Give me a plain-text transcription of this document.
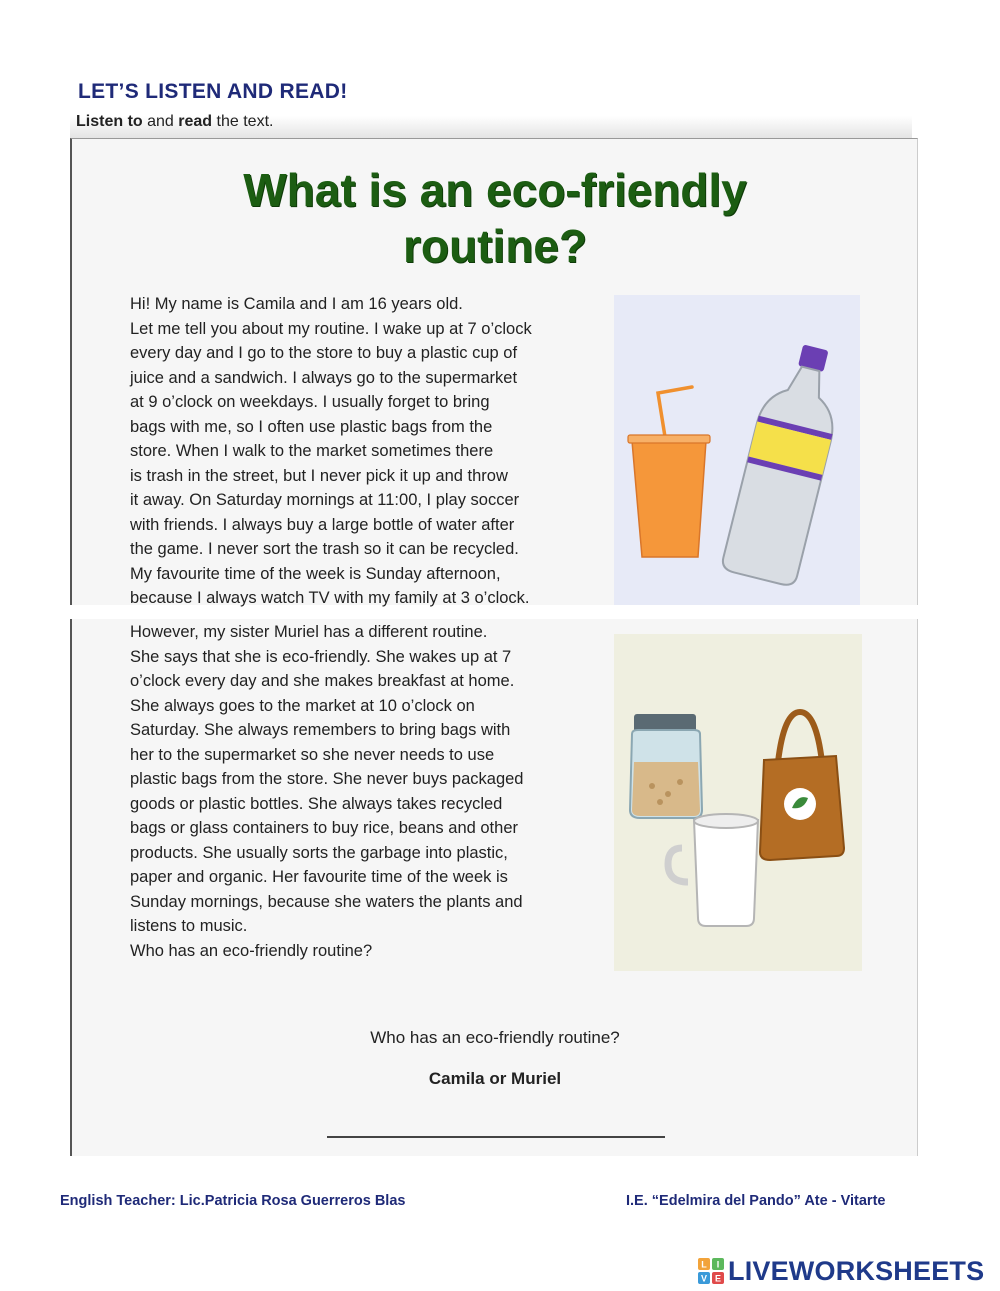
LET’S LISTEN AND READ!
Listen to and read the text.
What is an eco-friendly
routine?
Hi! My name is Camila and I am 16 years old.
Let me tell you about my routine. I wake up at 7 o’clock
every day and I go to the store to buy a plastic cup of
juice and a sandwich. I always go to the supermarket
at 9 o’clock on weekdays. I usually forget to bring
bags with me, so I often use plastic bags from the
store. When I walk to the market sometimes there
is trash in the street, but I never pick it up and throw
it away. On Saturday mornings at 11:00, I play soccer
with friends. I always buy a large bottle of water after
the game. I never sort the trash so it can be recycled.
My favourite time of the week is Sunday afternoon,
because I always watch TV with my family at 3 o’clock.
However, my sister Muriel has a different routine.
She says that she is eco-friendly. She wakes up at 7
o’clock every day and she makes breakfast at home.
She always goes to the market at 10 o’clock on
Saturday. She always remembers to bring bags with
her to the supermarket so she never needs to use
plastic bags from the store. She never buys packaged
goods or plastic bottles. She always takes recycled
bags or glass containers to buy rice, beans and other
products. She usually sorts the garbage into plastic,
paper and organic. Her favourite time of the week is
Sunday mornings, because she waters the plants and
listens to music.
Who has an eco-friendly routine?
Who has an eco-friendly routine?
Camila or Muriel
English Teacher: Lic.Patricia Rosa Guerreros Blas	I.E. “Edelmira del Pando” Ate - Vitarte
L I
V E LIVEWORKSHEETS
